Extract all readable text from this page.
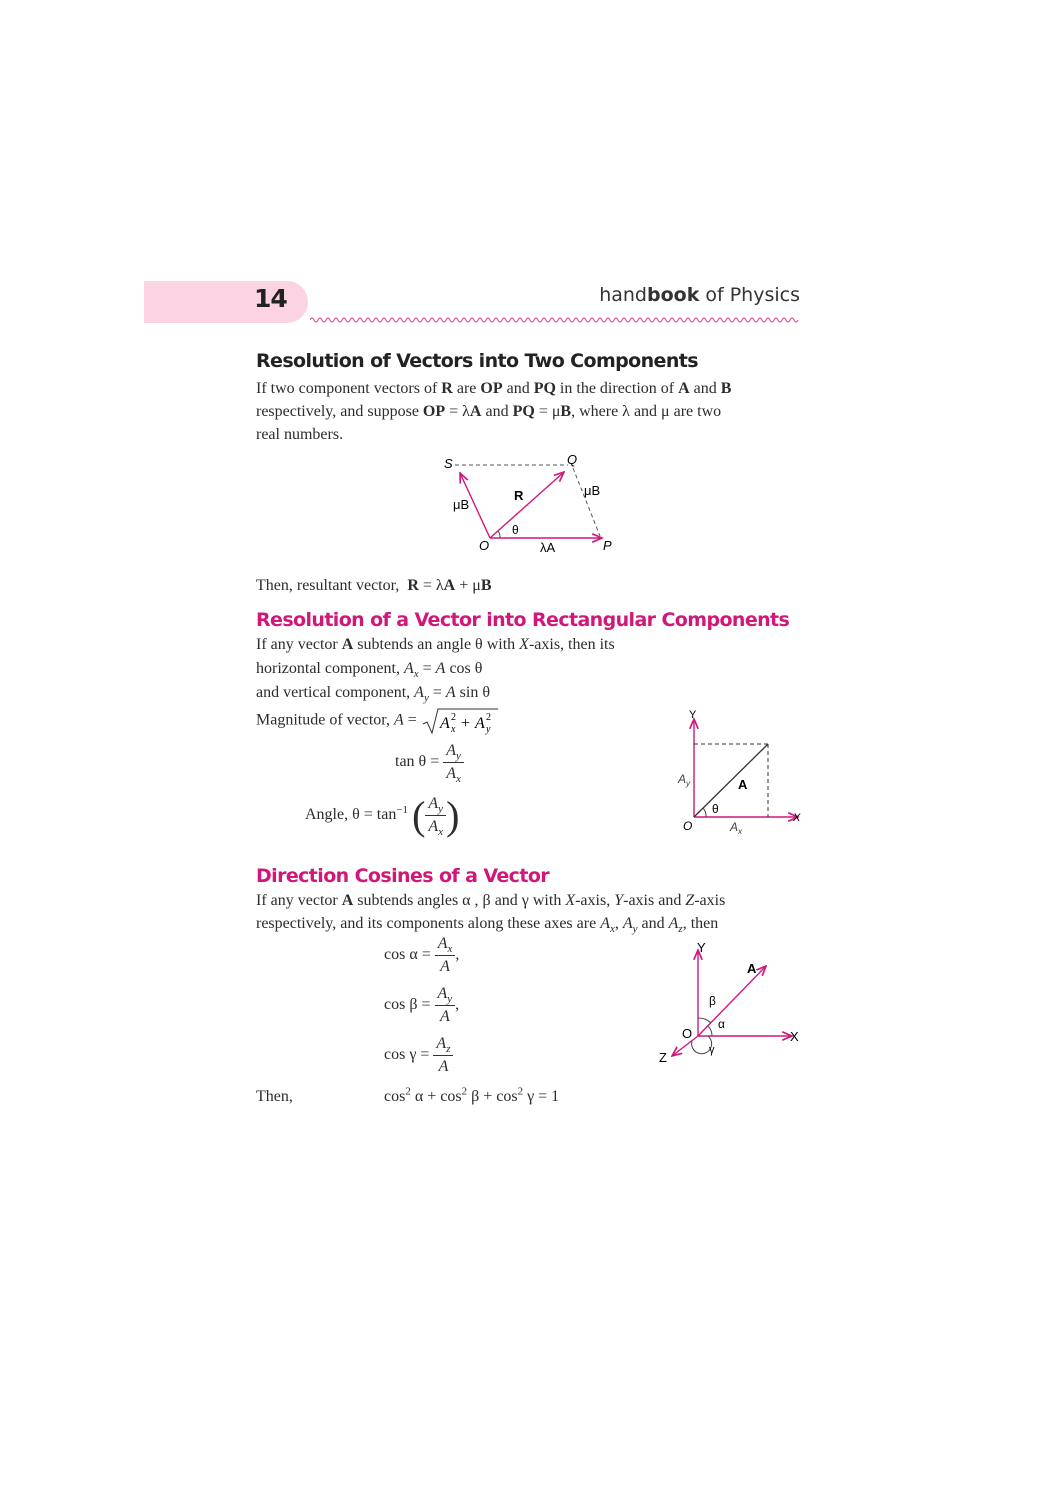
14	handbook of Physics
Resolution of Vectors into Two Components
If two component vectors of R are OP and PQ in the direction of A and B
respectively, and suppose OP = λA and PQ = μB, where λ and μ are two
real numbers.
S	Q
O	P
R
μB
μB
θ
λA
Then, resultant vector, R = λA + μB
Resolution of a Vector into Rectangular Components
If any vector A subtends an angle θ with X-axis, then its
horizontal component, $A_x = A$ cos θ
and vertical component, $A_y = A$ sin θ
Magnitude of vector, A = A x
2 + A y
2
$\tan \theta = \frac{A_y}{A_x}$
Angle, $\theta = \tan^{-1}$ ( $\frac{A_y}{A_x}$ )
Y
X
O
A
θ
$A_y$
$A_x$
Direction Cosines of a Vector
If any vector A subtends angles α , β and γ with X-axis, Y-axis and Z-axis
respectively, and its components along these axes are $A_x$, $A_y$ and $A_z$, then
$\cos \alpha = \frac{A_x}{A}$ ,
$\cos \beta = \frac{A_y}{A}$ ,
$\cos \gamma = \frac{A_z}{A}$
Then,	$\cos^2 \alpha + \cos^2 \beta + \cos^2 \gamma = 1$
Y
X
Z
O
A
α
β
γ
